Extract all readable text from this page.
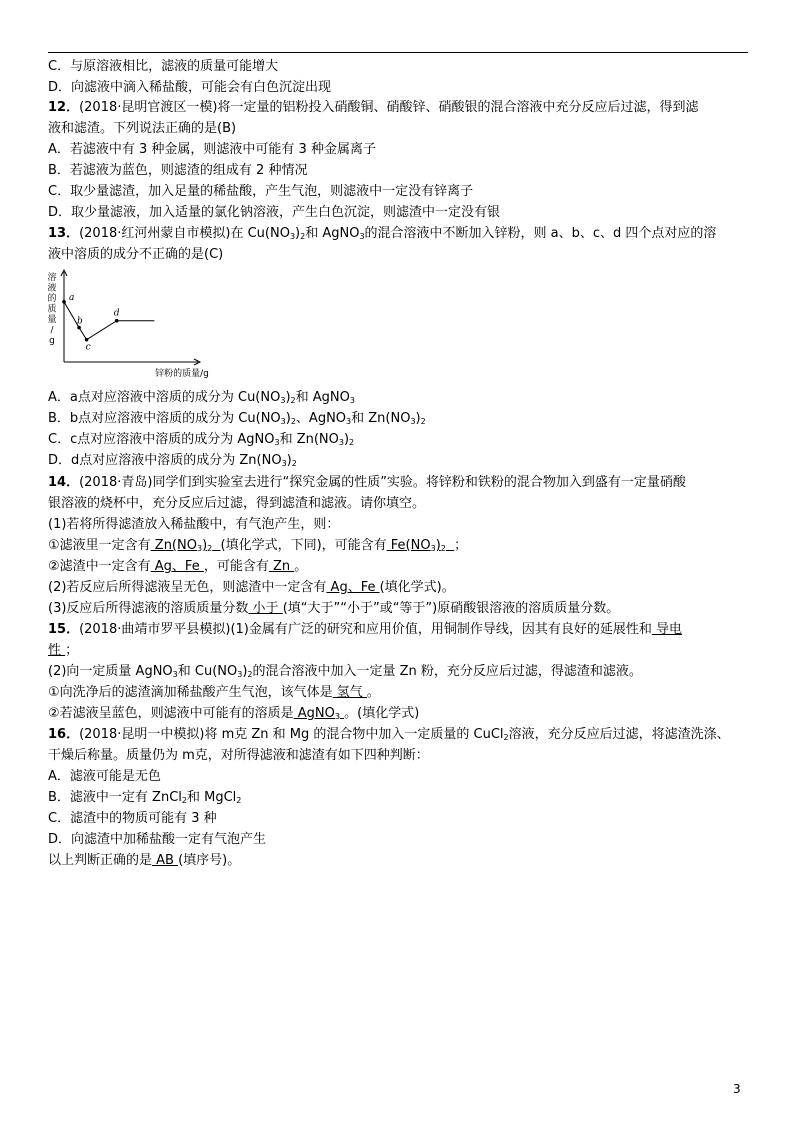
C．与原溶液相比，滤液的质量可能增大
D．向滤液中滴入稀盐酸，可能会有白色沉淀出现
12．(2018·昆明官渡区一模)将一定量的铝粉投入硝酸铜、硝酸锌、硝酸银的混合溶液中充分反应后过滤，得到滤
液和滤渣。下列说法正确的是(B)
A．若滤液中有 3 种金属，则滤液中可能有 3 种金属离子
B．若滤液为蓝色，则滤渣的组成有 2 种情况
C．取少量滤渣，加入足量的稀盐酸，产生气泡，则滤液中一定没有锌离子
D．取少量滤液，加入适量的氯化钠溶液，产生白色沉淀，则滤渣中一定没有银
13．(2018·红河州蒙自市模拟)在 $Cu(NO_3)_2$和 AgNO$_3$的混合溶液中不断加入锌粉，则 a、b、c、d 四个点对应的溶
液中溶质的成分不正确的是(C)
溶
液
的
质
量
/
g
锌粉的质量/g
a
b
c
d
A．a点对应溶液中溶质的成分为 $Cu(NO_3)_2$和 AgNO$_3$
B．b点对应溶液中溶质的成分为 $Cu(NO_3)_2$、AgNO$_3$和 $Zn(NO_3)_2$
C．c点对应溶液中溶质的成分为 AgNO$_3$和 $Zn(NO_3)_2$
D．d点对应溶液中溶质的成分为 $Zn(NO_3)_2$
14．(2018·青岛)同学们到实验室去进行“探究金属的性质”实验。将锌粉和铁粉的混合物加入到盛有一定量硝酸
银溶液的烧杯中，充分反应后过滤，得到滤渣和滤液。请你填空。
(1)若将所得滤渣放入稀盐酸中，有气泡产生，则：
①滤液里一定含有 $Zn(NO_3)_2$ (填化学式，下同)，可能含有 $Fe(NO_3)_2$ ；
②滤渣中一定含有 Ag、Fe ，可能含有 Zn 。
(2)若反应后所得滤液呈无色，则滤渣中一定含有 Ag、Fe (填化学式)。
(3)反应后所得滤液的溶质质量分数 小于 (填“大于”“小于”或“等于”)原硝酸银溶液的溶质质量分数。
15．(2018·曲靖市罗平县模拟)(1)金属有广泛的研究和应用价值，用铜制作导线，因其有良好的延展性和 导电
性 ；
(2)向一定质量 AgNO$_3$和 $Cu(NO_3)_2$的混合溶液中加入一定量 Zn 粉，充分反应后过滤，得滤渣和滤液。
①向洗净后的滤渣滴加稀盐酸产生气泡，该气体是 氢气 。
②若滤液呈蓝色，则滤液中可能有的溶质是 AgNO$_3$ 。(填化学式)
16．(2018·昆明一中模拟)将 m克 Zn 和 Mg 的混合物中加入一定质量的 CuCl$_2$溶液，充分反应后过滤，将滤渣洗涤、
干燥后称量。质量仍为 m克，对所得滤液和滤渣有如下四种判断：
A．滤液可能是无色
B．滤液中一定有 ZnCl$_2$和 MgCl$_2$
C．滤渣中的物质可能有 3 种
D．向滤渣中加稀盐酸一定有气泡产生
以上判断正确的是 AB (填序号)。
3
